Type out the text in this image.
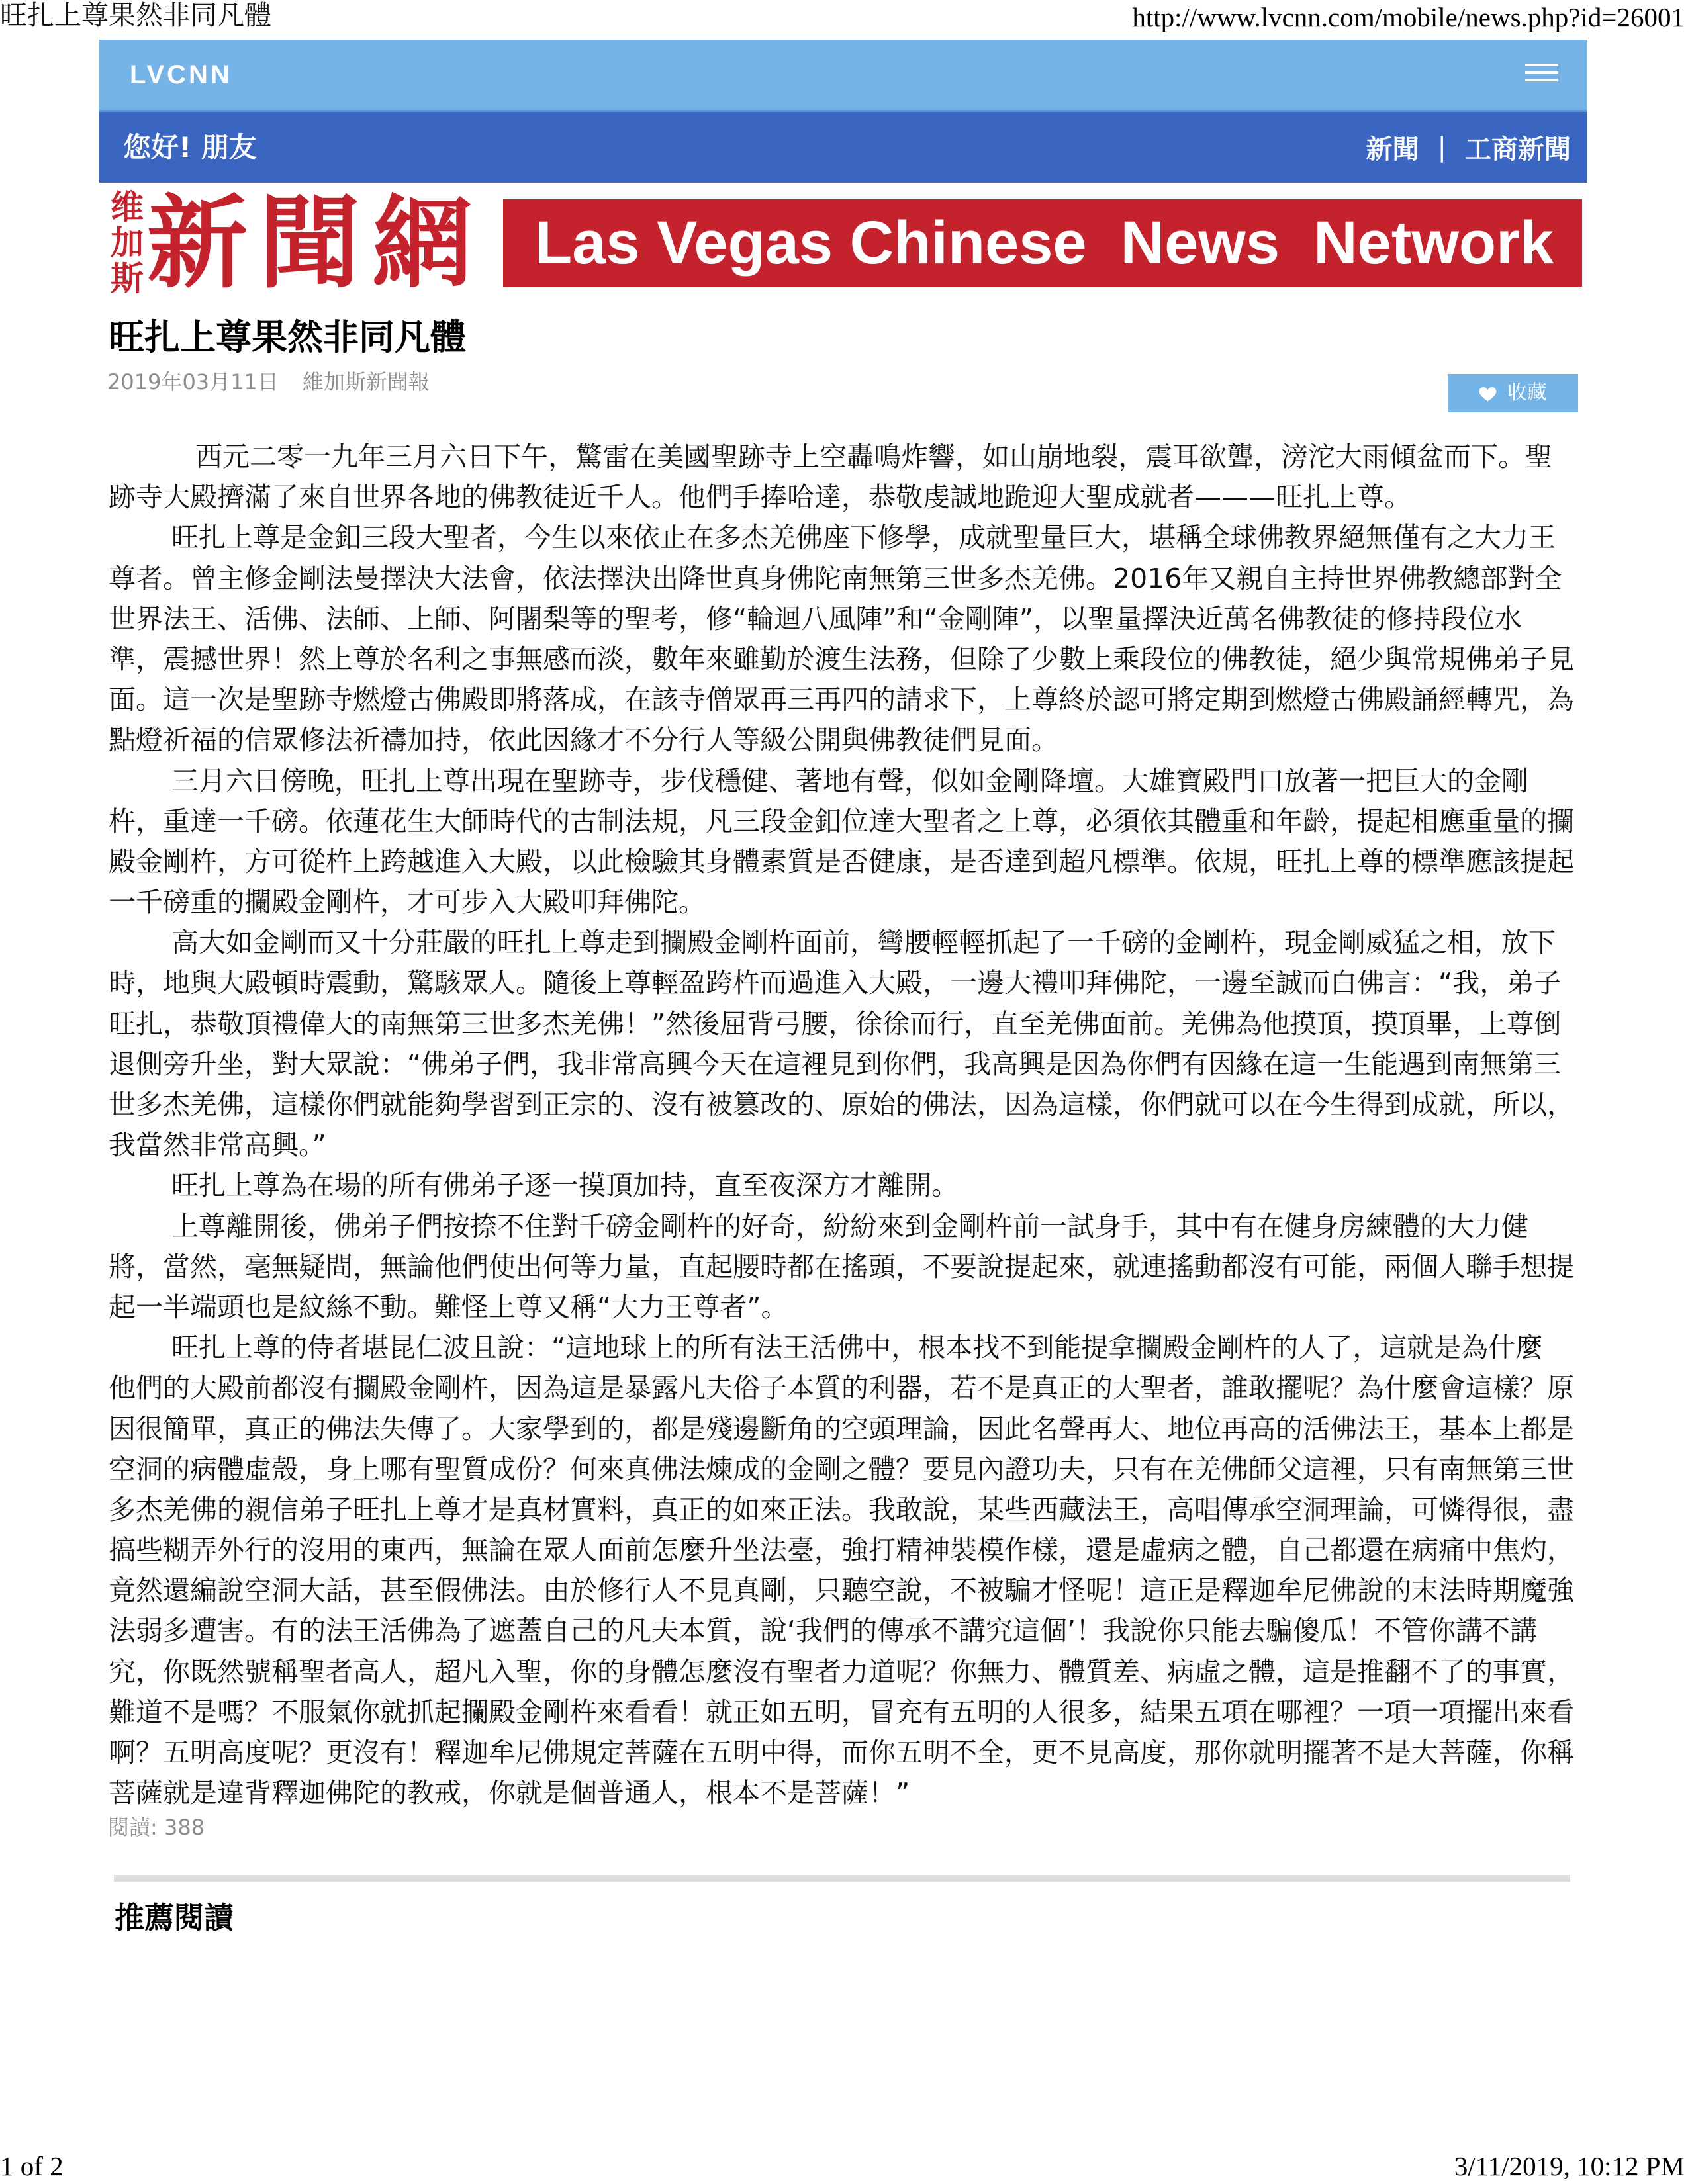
旺扎上尊果然非同凡體	http://www.lvcnn.com/mobile/news.php?id=26001
LVCNN
您好! 朋友	新聞 | 工商新聞
维加斯 新聞網 Las Vegas Chinese  News  Network
旺扎上尊果然非同凡體
2019年03月11日 維加斯新聞報	收藏
西元二零一九年三月六日下午，驚雷在美國聖跡寺上空轟鳴炸響，如山崩地裂，震耳欲聾，滂沱大雨傾盆而下。聖
跡寺大殿擠滿了來自世界各地的佛教徒近千人。他們手捧哈達，恭敬虔誠地跪迎大聖成就者———旺扎上尊。
旺扎上尊是金釦三段大聖者，今生以來依止在多杰羌佛座下修學，成就聖量巨大，堪稱全球佛教界絕無僅有之大力王
尊者。曾主修金剛法曼擇決大法會，依法擇決出降世真身佛陀南無第三世多杰羌佛。2016年又親自主持世界佛教總部對全
世界法王、活佛、法師、上師、阿闍梨等的聖考，修“輪迴八風陣”和“金剛陣”，以聖量擇決近萬名佛教徒的修持段位水
準，震撼世界！然上尊於名利之事無感而淡，數年來雖勤於渡生法務，但除了少數上乘段位的佛教徒，絕少與常規佛弟子見
面。這一次是聖跡寺燃燈古佛殿即將落成，在該寺僧眾再三再四的請求下，上尊終於認可將定期到燃燈古佛殿誦經轉咒，為
點燈祈福的信眾修法祈禱加持，依此因緣才不分行人等級公開與佛教徒們見面。
三月六日傍晚，旺扎上尊出現在聖跡寺，步伐穩健、著地有聲，似如金剛降壇。大雄寶殿門口放著一把巨大的金剛
杵，重達一千磅。依蓮花生大師時代的古制法規，凡三段金釦位達大聖者之上尊，必須依其體重和年齡，提起相應重量的攔
殿金剛杵，方可從杵上跨越進入大殿，以此檢驗其身體素質是否健康，是否達到超凡標準。依規，旺扎上尊的標準應該提起
一千磅重的攔殿金剛杵，才可步入大殿叩拜佛陀。
高大如金剛而又十分莊嚴的旺扎上尊走到攔殿金剛杵面前，彎腰輕輕抓起了一千磅的金剛杵，現金剛威猛之相，放下
時，地與大殿頓時震動，驚駭眾人。隨後上尊輕盈跨杵而過進入大殿，一邊大禮叩拜佛陀，一邊至誠而白佛言：“我，弟子
旺扎，恭敬頂禮偉大的南無第三世多杰羌佛！”然後屈背弓腰，徐徐而行，直至羌佛面前。羌佛為他摸頂，摸頂畢，上尊倒
退側旁升坐，對大眾說：“佛弟子們，我非常高興今天在這裡見到你們，我高興是因為你們有因緣在這一生能遇到南無第三
世多杰羌佛，這樣你們就能夠學習到正宗的、沒有被篡改的、原始的佛法，因為這樣，你們就可以在今生得到成就，所以，
我當然非常高興。”
旺扎上尊為在場的所有佛弟子逐一摸頂加持，直至夜深方才離開。
上尊離開後，佛弟子們按捺不住對千磅金剛杵的好奇，紛紛來到金剛杵前一試身手，其中有在健身房練體的大力健
將，當然，毫無疑問，無論他們使出何等力量，直起腰時都在搖頭，不要說提起來，就連搖動都沒有可能，兩個人聯手想提
起一半端頭也是紋絲不動。難怪上尊又稱“大力王尊者”。
旺扎上尊的侍者堪昆仁波且說：“這地球上的所有法王活佛中，根本找不到能提拿攔殿金剛杵的人了，這就是為什麼
他們的大殿前都沒有攔殿金剛杵，因為這是暴露凡夫俗子本質的利器，若不是真正的大聖者，誰敢擺呢？為什麼會這樣？原
因很簡單，真正的佛法失傳了。大家學到的，都是殘邊斷角的空頭理論，因此名聲再大、地位再高的活佛法王，基本上都是
空洞的病體虛殼，身上哪有聖質成份？何來真佛法煉成的金剛之體？要見內證功夫，只有在羌佛師父這裡，只有南無第三世
多杰羌佛的親信弟子旺扎上尊才是真材實料，真正的如來正法。我敢說，某些西藏法王，高唱傳承空洞理論，可憐得很，盡
搞些糊弄外行的沒用的東西，無論在眾人面前怎麼升坐法臺，強打精神裝模作樣，還是虛病之體，自己都還在病痛中焦灼，
竟然還編說空洞大話，甚至假佛法。由於修行人不見真剛，只聽空說，不被騙才怪呢！這正是釋迦牟尼佛說的末法時期魔強
法弱多遭害。有的法王活佛為了遮蓋自己的凡夫本質，說‘我們的傳承不講究這個’！我說你只能去騙傻瓜！不管你講不講
究，你既然號稱聖者高人，超凡入聖，你的身體怎麼沒有聖者力道呢？你無力、體質差、病虛之體，這是推翻不了的事實，
難道不是嗎？不服氣你就抓起攔殿金剛杵來看看！就正如五明，冒充有五明的人很多，結果五項在哪裡？一項一項擺出來看
啊？五明高度呢？更沒有！釋迦牟尼佛規定菩薩在五明中得，而你五明不全，更不見高度，那你就明擺著不是大菩薩，你稱
菩薩就是違背釋迦佛陀的教戒，你就是個普通人，根本不是菩薩！”
閱讀: 388
推薦閱讀
1 of 2	3/11/2019, 10:12 PM
